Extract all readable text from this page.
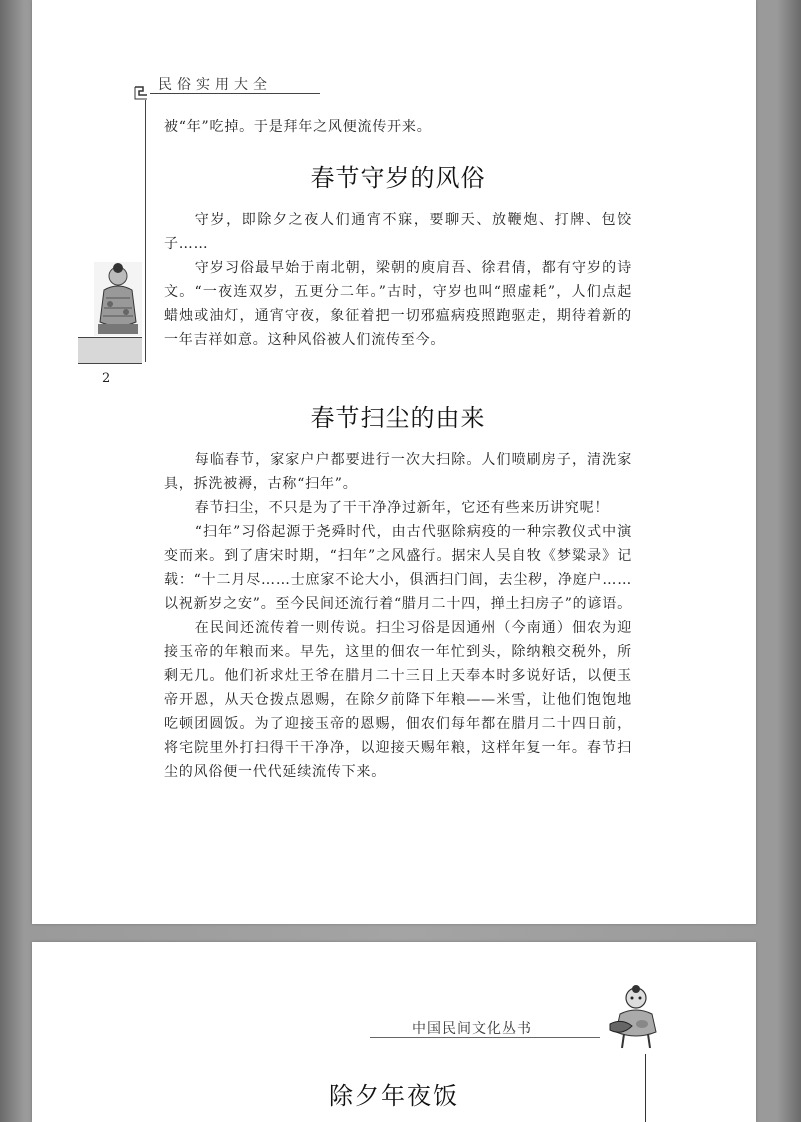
民俗实用大全
2

被“年”吃掉。于是拜年之风便流传开来。

春节守岁的风俗

守岁，即除夕之夜人们通宵不寐，要聊天、放鞭炮、打牌、包饺子……

守岁习俗最早始于南北朝，梁朝的庾肩吾、徐君倩，都有守岁的诗文。“一夜连双岁，五更分二年。”古时，守岁也叫“照虚耗”，人们点起蜡烛或油灯，通宵守夜，象征着把一切邪瘟病疫照跑驱走，期待着新的一年吉祥如意。这种风俗被人们流传至今。

春节扫尘的由来

每临春节，家家户户都要进行一次大扫除。人们喷刷房子，清洗家具，拆洗被褥，古称“扫年”。

春节扫尘，不只是为了干干净净过新年，它还有些来历讲究呢！

“扫年”习俗起源于尧舜时代，由古代驱除病疫的一种宗教仪式中演变而来。到了唐宋时期，“扫年”之风盛行。据宋人吴自牧《梦粱录》记载：“十二月尽……士庶家不论大小，俱洒扫门闾，去尘秽，净庭户……以祝新岁之安”。至今民间还流行着“腊月二十四，掸土扫房子”的谚语。

在民间还流传着一则传说。扫尘习俗是因通州（今南通）佃农为迎接玉帝的年粮而来。早先，这里的佃农一年忙到头，除纳粮交税外，所剩无几。他们祈求灶王爷在腊月二十三日上天奉本时多说好话，以便玉帝开恩，从天仓拨点恩赐，在除夕前降下年粮——米雪，让他们饱饱地吃顿团圆饭。为了迎接玉帝的恩赐，佃农们每年都在腊月二十四日前，将宅院里外打扫得干干净净，以迎接天赐年粮，这样年复一年。春节扫尘的风俗便一代代延续流传下来。

中国民间文化丛书
除夕年夜饭
